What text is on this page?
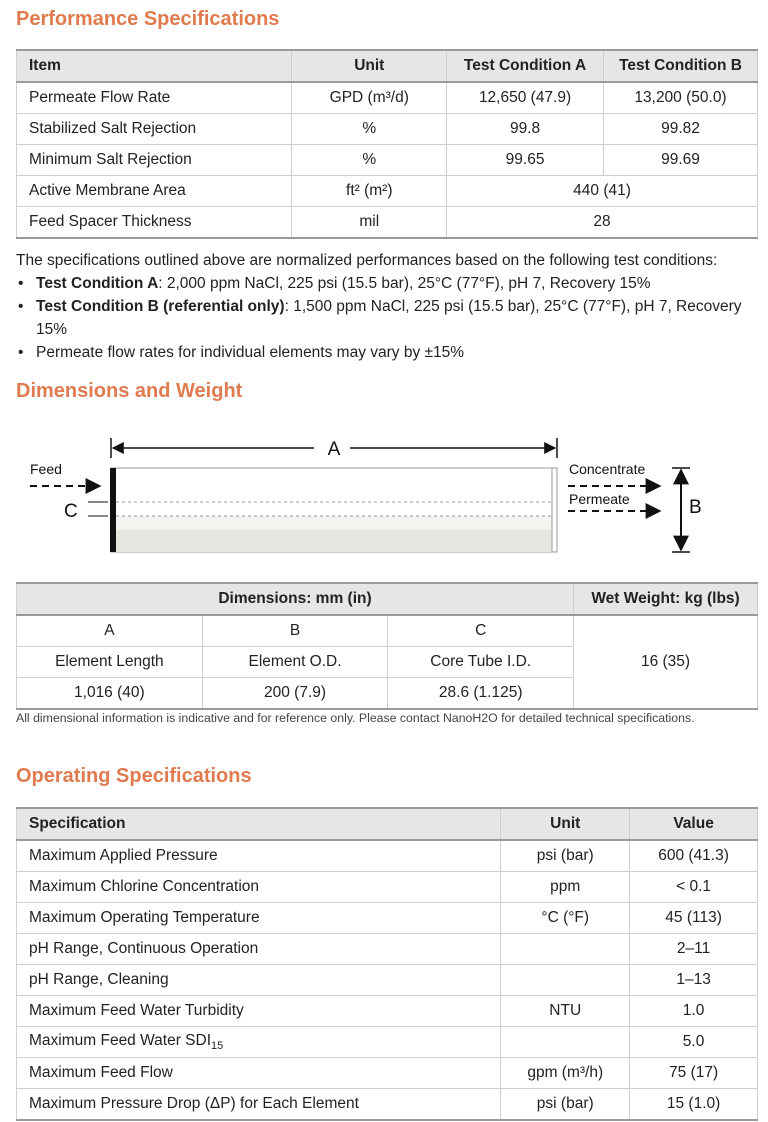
Performance Specifications
Item	Unit	Test Condition A	Test Condition B
Permeate Flow Rate	GPD (m³/d)	12,650 (47.9)	13,200 (50.0)
Stabilized Salt Rejection	%	99.8	99.82
Minimum Salt Rejection	%	99.65	99.69
Active Membrane Area	ft² (m²)	440 (41)	
Feed Spacer Thickness	mil	28	
The specifications outlined above are normalized performances based on the following test conditions:
• Test Condition A: 2,000 ppm NaCl, 225 psi (15.5 bar), 25°C (77°F), pH 7, Recovery 15%
• Test Condition B (referential only): 1,500 ppm NaCl, 225 psi (15.5 bar), 25°C (77°F), pH 7, Recovery 15%
• Permeate flow rates for individual elements may vary by ±15%
Dimensions and Weight
A
Feed
C
Concentrate
Permeate	B
Dimensions: mm (in)			Wet Weight: kg (lbs)
A	B	C	16 (35)
Element Length	Element O.D.	Core Tube I.D.	
1,016 (40)	200 (7.9)	28.6 (1.125)	

All dimensional information is indicative and for reference only. Please contact NanoH2O for detailed technical specifications.

Operating Specifications
Specification	Unit	Value
Maximum Applied Pressure	psi (bar)	600 (41.3)
Maximum Chlorine Concentration	ppm	< 0.1
Maximum Operating Temperature	°C (°F)	45 (113)
pH Range, Continuous Operation		2–11
pH Range, Cleaning		1–13
Maximum Feed Water Turbidity	NTU	1.0
Maximum Feed Water $SDI_{15}$		5.0
Maximum Feed Flow	gpm (m³/h)	75 (17)
Maximum Pressure Drop (ΔP) for Each Element	psi (bar)	15 (1.0)
